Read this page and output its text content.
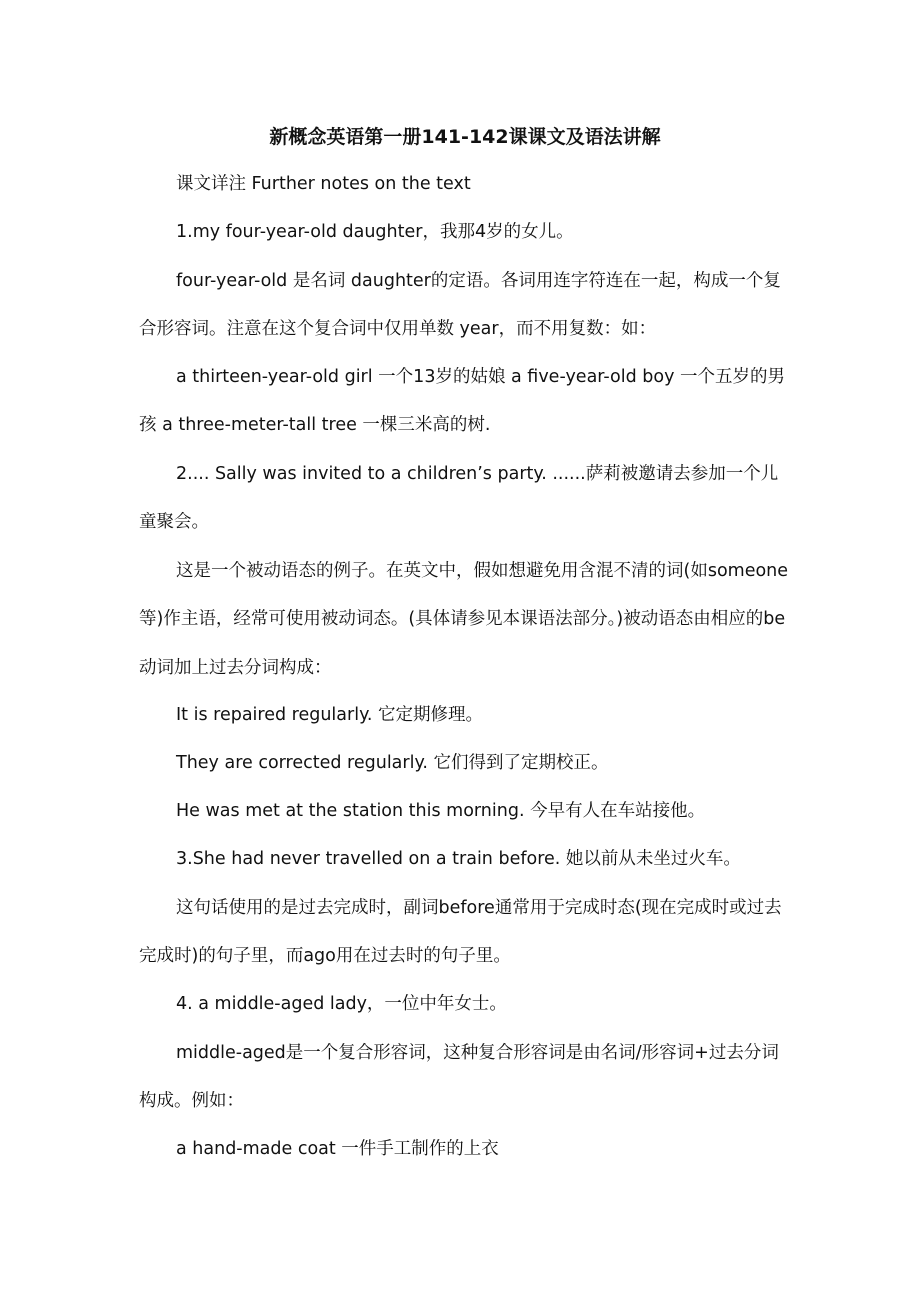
新概念英语第一册141-142课课文及语法讲解

课文详注 Further notes on the text

1.my four-year-old daughter，我那4岁的女儿。

four-year-old 是名词 daughter的定语。各词用连字符连在一起，构成一个复合形容词。注意在这个复合词中仅用单数 year，而不用复数：如：

a thirteen-year-old girl 一个13岁的姑娘 a five-year-old boy 一个五岁的男孩 a three-meter-tall tree 一棵三米高的树.

2.... Sally was invited to a children’s party. ......萨莉被邀请去参加一个儿童聚会。

这是一个被动语态的例子。在英文中，假如想避免用含混不清的词(如someone等)作主语，经常可使用被动词态。(具体请参见本课语法部分。)被动语态由相应的be动词加上过去分词构成：

It is repaired regularly. 它定期修理。

They are corrected regularly. 它们得到了定期校正。

He was met at the station this morning. 今早有人在车站接他。

3.She had never travelled on a train before. 她以前从未坐过火车。

这句话使用的是过去完成时，副词before通常用于完成时态(现在完成时或过去完成时)的句子里，而ago用在过去时的句子里。

4. a middle-aged lady，一位中年女士。

middle-aged是一个复合形容词，这种复合形容词是由名词/形容词+过去分词构成。例如：

a hand-made coat 一件手工制作的上衣
